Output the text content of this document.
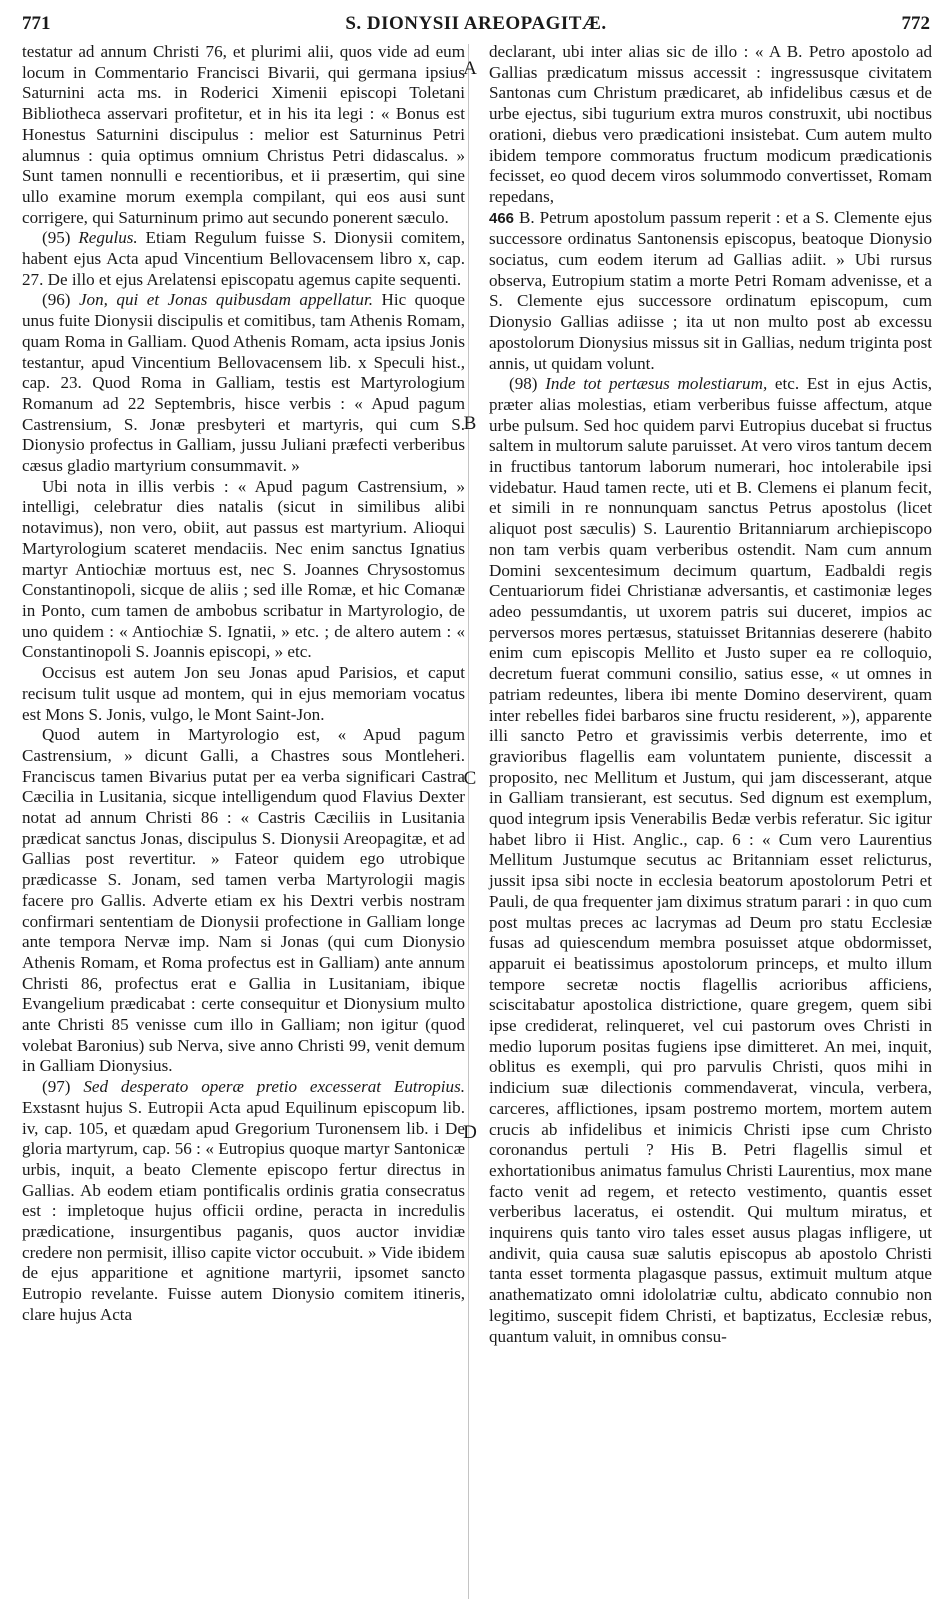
771	S. DIONYSII AREOPAGITÆ.	772
A
B
C
D

testatur ad annum Christi 76, et plurimi alii, quos vide ad eum locum in Commentario Francisci Bivarii, qui germana ipsius Saturnini acta ms. in Roderici Ximenii episcopi Toletani Bibliotheca asservari profitetur, et in his ita legi : « Bonus est Honestus Saturnini discipulus : melior est Saturninus Petri alumnus : quia optimus omnium Christus Petri didascalus. » Sunt tamen nonnulli e recentioribus, et ii præsertim, qui sine ullo examine morum exempla compilant, qui eos ausi sunt corrigere, qui Saturninum primo aut secundo ponerent sæculo.

(95) Regulus. Etiam Regulum fuisse S. Dionysii comitem, habent ejus Acta apud Vincentium Bellovacensem libro x, cap. 27. De illo et ejus Arelatensi episcopatu agemus capite sequenti.

(96) Jon, qui et Jonas quibusdam appellatur. Hic quoque unus fuite Dionysii discipulis et comitibus, tam Athenis Romam, quam Roma in Galliam. Quod Athenis Romam, acta ipsius Jonis testantur, apud Vincentium Bellovacensem lib. x Speculi hist., cap. 23. Quod Roma in Galliam, testis est Martyrologium Romanum ad 22 Septembris, hisce verbis : « Apud pagum Castrensium, S. Jonæ presbyteri et martyris, qui cum S. Dionysio profectus in Galliam, jussu Juliani præfecti verberibus cæsus gladio martyrium consummavit. »

Ubi nota in illis verbis : « Apud pagum Castrensium, » intelligi, celebratur dies natalis (sicut in similibus alibi notavimus), non vero, obiit, aut passus est martyrium. Alioqui Martyrologium scateret mendaciis. Nec enim sanctus Ignatius martyr Antiochiæ mortuus est, nec S. Joannes Chrysostomus Constantinopoli, sicque de aliis ; sed ille Romæ, et hic Comanæ in Ponto, cum tamen de ambobus scribatur in Martyrologio, de uno quidem : « Antiochiæ S. Ignatii, » etc. ; de altero autem : « Constantinopoli S. Joannis episcopi, » etc.

Occisus est autem Jon seu Jonas apud Parisios, et caput recisum tulit usque ad montem, qui in ejus memoriam vocatus est Mons S. Jonis, vulgo, le Mont Saint-Jon.

Quod autem in Martyrologio est, « Apud pagum Castrensium, » dicunt Galli, a Chastres sous Montleheri. Franciscus tamen Bivarius putat per ea verba significari Castra Cæcilia in Lusitania, sicque intelligendum quod Flavius Dexter notat ad annum Christi 86 : « Castris Cæciliis in Lusitania prædicat sanctus Jonas, discipulus S. Dionysii Areopagitæ, et ad Gallias post revertitur. » Fateor quidem ego utrobique prædicasse S. Jonam, sed tamen verba Martyrologii magis facere pro Gallis. Adverte etiam ex his Dextri verbis nostram confirmari sententiam de Dionysii profectione in Galliam longe ante tempora Nervæ imp. Nam si Jonas (qui cum Dionysio Athenis Romam, et Roma profectus est in Galliam) ante annum Christi 86, profectus erat e Gallia in Lusitaniam, ibique Evangelium prædicabat : certe consequitur et Dionysium multo ante Christi 85 venisse cum illo in Galliam; non igitur (quod volebat Baronius) sub Nerva, sive anno Christi 99, venit demum in Galliam Dionysius.

(97) Sed desperato operæ pretio excesserat Eutropius. Exstasnt hujus S. Eutropii Acta apud Equilinum episcopum lib. iv, cap. 105, et quædam apud Gregorium Turonensem lib. i De gloria martyrum, cap. 56 : « Eutropius quoque martyr Santonicæ urbis, inquit, a beato Clemente episcopo fertur directus in Gallias. Ab eodem etiam pontificalis ordinis gratia consecratus est : impletoque hujus officii ordine, peracta in incredulis prædicatione, insurgentibus paganis, quos auctor invidiæ credere non permisit, illiso capite victor occubuit. » Vide ibidem de ejus apparitione et agnitione martyrii, ipsomet sancto Eutropio revelante. Fuisse autem Dionysio comitem itineris, clare hujus Acta

declarant, ubi inter alias sic de illo : « A B. Petro apostolo ad Gallias prædicatum missus accessit : ingressusque civitatem Santonas cum Christum prædicaret, ab infidelibus cæsus et de urbe ejectus, sibi tugurium extra muros construxit, ubi noctibus orationi, diebus vero prædicationi insistebat. Cum autem multo ibidem tempore commoratus fructum modicum prædicationis fecisset, eo quod decem viros solummodo convertisset, Romam repedans,

466 B. Petrum apostolum passum reperit : et a S. Clemente ejus successore ordinatus Santonensis episcopus, beatoque Dionysio sociatus, cum eodem iterum ad Gallias adiit. » Ubi rursus observa, Eutropium statim a morte Petri Romam advenisse, et a S. Clemente ejus successore ordinatum episcopum, cum Dionysio Gallias adiisse ; ita ut non multo post ab excessu apostolorum Dionysius missus sit in Gallias, nedum triginta post annis, ut quidam volunt.

(98) Inde tot pertæsus molestiarum, etc. Est in ejus Actis, præter alias molestias, etiam verberibus fuisse affectum, atque urbe pulsum. Sed hoc quidem parvi Eutropius ducebat si fructus saltem in multorum salute paruisset. At vero viros tantum decem in fructibus tantorum laborum numerari, hoc intolerabile ipsi videbatur. Haud tamen recte, uti et B. Clemens ei planum fecit, et simili in re nonnunquam sanctus Petrus apostolus (licet aliquot post sæculis) S. Laurentio Britanniarum archiepiscopo non tam verbis quam verberibus ostendit. Nam cum annum Domini sexcentesimum decimum quartum, Eadbaldi regis Centuariorum fidei Christianæ adversantis, et castimoniæ leges adeo pessumdantis, ut uxorem patris sui duceret, impios ac perversos mores pertæsus, statuisset Britannias deserere (habito enim cum episcopis Mellito et Justo super ea re colloquio, decretum fuerat communi consilio, satius esse, « ut omnes in patriam redeuntes, libera ibi mente Domino deservirent, quam inter rebelles fidei barbaros sine fructu residerent, »), apparente illi sancto Petro et gravissimis verbis deterrente, imo et gravioribus flagellis eam voluntatem puniente, discessit a proposito, nec Mellitum et Justum, qui jam discesserant, atque in Galliam transierant, est secutus. Sed dignum est exemplum, quod integrum ipsis Venerabilis Bedæ verbis referatur. Sic igitur habet libro ii Hist. Anglic., cap. 6 : « Cum vero Laurentius Mellitum Justumque secutus ac Britanniam esset relicturus, jussit ipsa sibi nocte in ecclesia beatorum apostolorum Petri et Pauli, de qua frequenter jam diximus stratum parari : in quo cum post multas preces ac lacrymas ad Deum pro statu Ecclesiæ fusas ad quiescendum membra posuisset atque obdormisset, apparuit ei beatissimus apostolorum princeps, et multo illum tempore secretæ noctis flagellis acrioribus afficiens, sciscitabatur apostolica districtione, quare gregem, quem sibi ipse crediderat, relinqueret, vel cui pastorum oves Christi in medio luporum positas fugiens ipse dimitteret. An mei, inquit, oblitus es exempli, qui pro parvulis Christi, quos mihi in indicium suæ dilectionis commendaverat, vincula, verbera, carceres, afflictiones, ipsam postremo mortem, mortem autem crucis ab infidelibus et inimicis Christi ipse cum Christo coronandus pertuli ? His B. Petri flagellis simul et exhortationibus animatus famulus Christi Laurentius, mox mane facto venit ad regem, et retecto vestimento, quantis esset verberibus laceratus, ei ostendit. Qui multum miratus, et inquirens quis tanto viro tales esset ausus plagas infligere, ut andivit, quia causa suæ salutis episcopus ab apostolo Christi tanta esset tormenta plagasque passus, extimuit multum atque anathematizato omni idololatriæ cultu, abdicato connubio non legitimo, suscepit fidem Christi, et baptizatus, Ecclesiæ rebus, quantum valuit, in omnibus consu-
